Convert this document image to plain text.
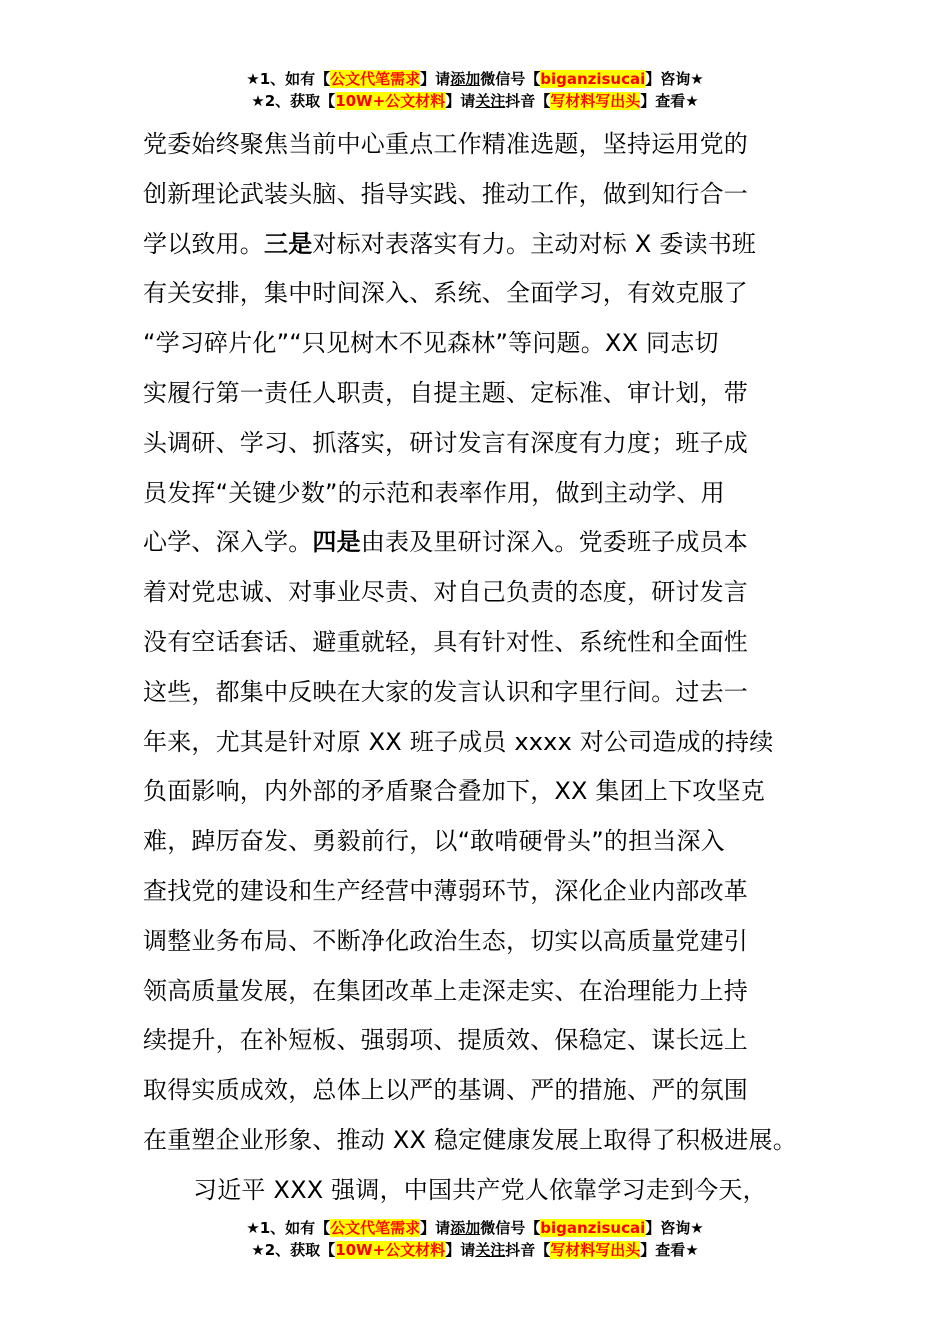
★1、如有【公文代笔需求】请添加微信号【biganzisucai】咨询★
★2、获取【10W+公文材料】请关注抖音【写材料写出头】查看★
党委始终聚焦当前中心重点工作精准选题，坚持运用党的
创新理论武装头脑、指导实践、推动工作，做到知行合一
学以致用。三是对标对表落实有力。主动对标 X 委读书班
有关安排，集中时间深入、系统、全面学习，有效克服了
“学习碎片化”“只见树木不见森林”等问题。XX 同志切
实履行第一责任人职责，自提主题、定标准、审计划，带
头调研、学习、抓落实，研讨发言有深度有力度；班子成
员发挥“关键少数”的示范和表率作用，做到主动学、用
心学、深入学。四是由表及里研讨深入。党委班子成员本
着对党忠诚、对事业尽责、对自己负责的态度，研讨发言
没有空话套话、避重就轻，具有针对性、系统性和全面性
这些，都集中反映在大家的发言认识和字里行间。过去一
年来，尤其是针对原 XX 班子成员 xxxx 对公司造成的持续
负面影响，内外部的矛盾聚合叠加下，XX 集团上下攻坚克
难，踔厉奋发、勇毅前行，以“敢啃硬骨头”的担当深入
查找党的建设和生产经营中薄弱环节，深化企业内部改革
调整业务布局、不断净化政治生态，切实以高质量党建引
领高质量发展，在集团改革上走深走实、在治理能力上持
续提升，在补短板、强弱项、提质效、保稳定、谋长远上
取得实质成效，总体上以严的基调、严的措施、严的氛围
在重塑企业形象、推动 XX 稳定健康发展上取得了积极进展。
习近平 XXX 强调，中国共产党人依靠学习走到今天，
★1、如有【公文代笔需求】请添加微信号【biganzisucai】咨询★
★2、获取【10W+公文材料】请关注抖音【写材料写出头】查看★
